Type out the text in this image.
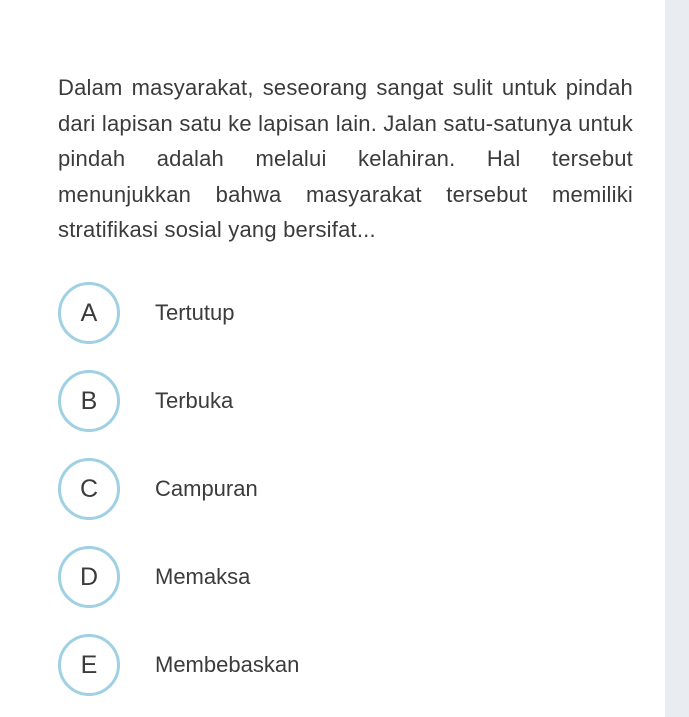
Dalam masyarakat, seseorang sangat sulit untuk pindah dari lapisan satu ke lapisan lain. Jalan satu-satunya untuk pindah adalah melalui kelahiran. Hal tersebut menunjukkan bahwa masyarakat tersebut memiliki stratifikasi sosial yang bersifat...
A	Tertutup
B	Terbuka
C	Campuran
D	Memaksa
E	Membebaskan
